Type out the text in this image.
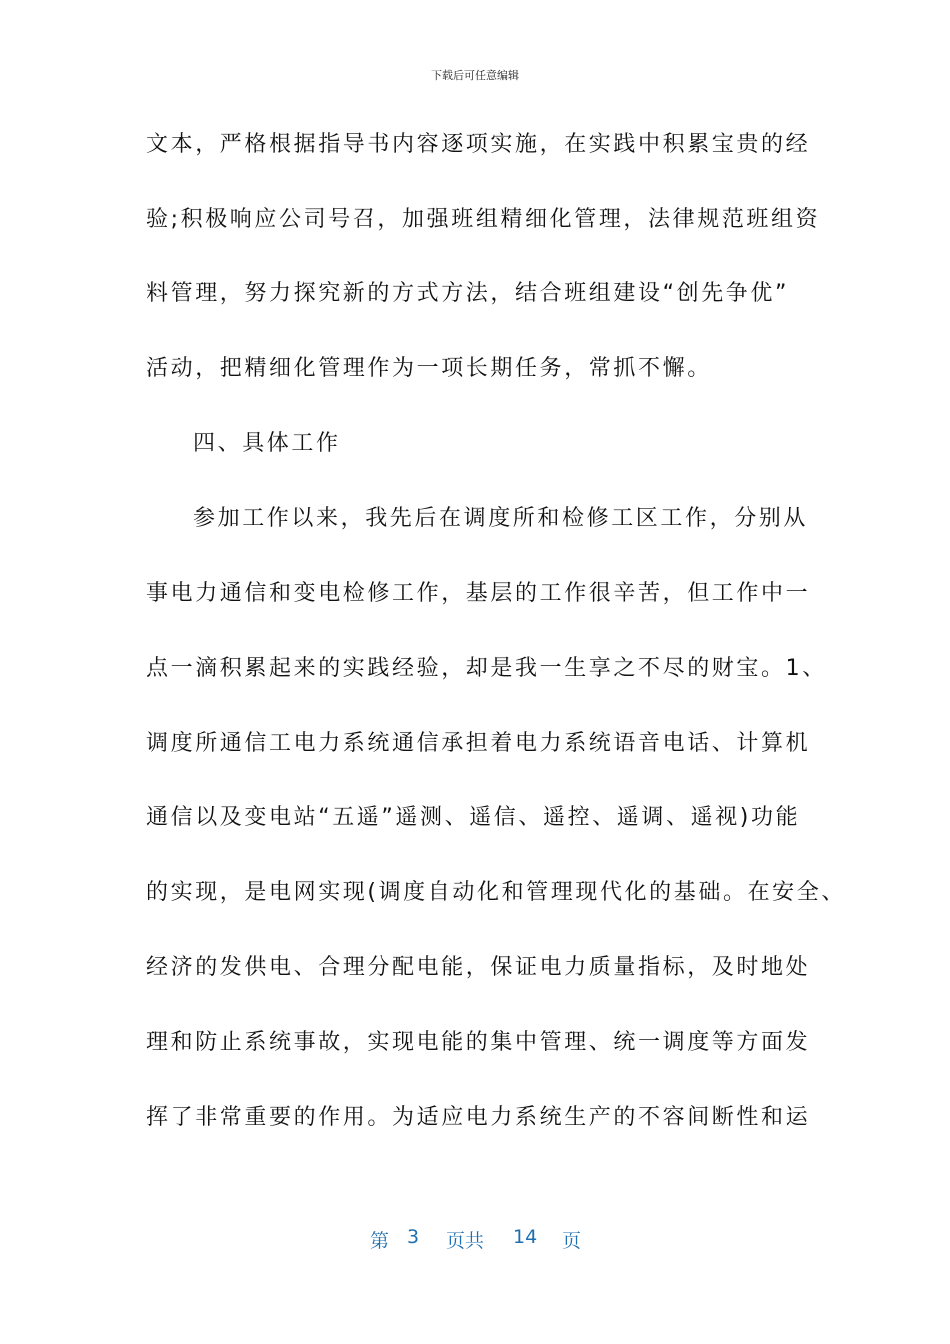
下载后可任意编辑
文本，严格根据指导书内容逐项实施，在实践中积累宝贵的经
验;积极响应公司号召，加强班组精细化管理，法律规范班组资
料管理，努力探究新的方式方法，结合班组建设“创先争优”
活动，把精细化管理作为一项长期任务，常抓不懈。
四、具体工作
参加工作以来，我先后在调度所和检修工区工作，分别从
事电力通信和变电检修工作，基层的工作很辛苦，但工作中一
点一滴积累起来的实践经验，却是我一生享之不尽的财宝。1、
调度所通信工电力系统通信承担着电力系统语音电话、计算机
通信以及变电站“五遥”遥测、遥信、遥控、遥调、遥视)功能
的实现，是电网实现(调度自动化和管理现代化的基础。在安全、
经济的发供电、合理分配电能，保证电力质量指标，及时地处
理和防止系统事故，实现电能的集中管理、统一调度等方面发
挥了非常重要的作用。为适应电力系统生产的不容间断性和运
第 3 页共 14 页
